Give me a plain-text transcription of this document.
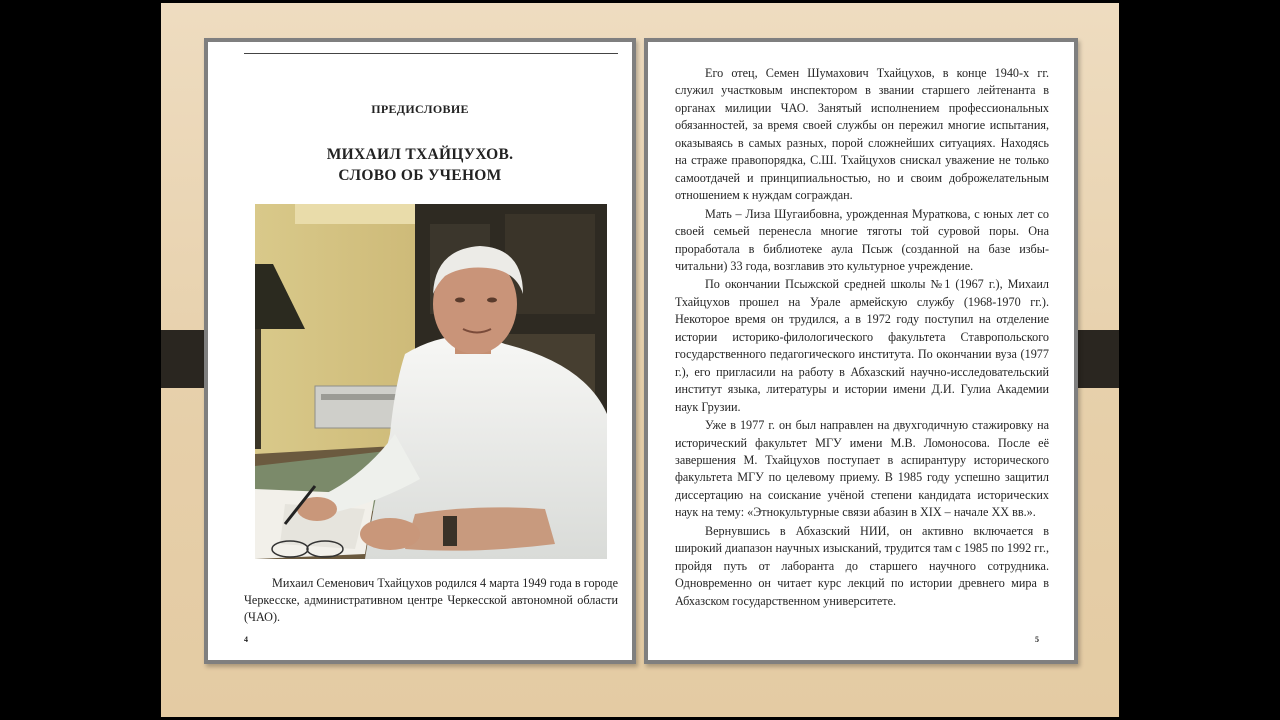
ПРЕДИСЛОВИЕ
МИХАИЛ ТХАЙЦУХОВ.
СЛОВО ОБ УЧЕНОМ

Михаил Семенович Тхайцухов родился 4 марта 1949 года в городе Черкесске, административном центре Черкесской автономной области (ЧАО).

4

Его отец, Семен Шумахович Тхайцухов, в конце 1940-х гг. служил участковым инспектором в звании старшего лейтенанта в органах милиции ЧАО. Занятый исполнением профессиональных обязанностей, за время своей службы он пережил многие испытания, оказываясь в самых разных, порой сложнейших ситуациях. Находясь на страже правопорядка, С.Ш. Тхайцухов снискал уважение не только самоотдачей и принципиальностью, но и своим доброжелательным отношением к нуждам сограждан.

Мать – Лиза Шугаибовна, урожденная Мураткова, с юных лет со своей семьей перенесла многие тяготы той суровой поры. Она проработала в библиотеке аула Псыж (созданной на базе избы-читальни) 33 года, возглавив это культурное учреждение.

По окончании Псыжской средней школы №1 (1967 г.), Михаил Тхайцухов прошел на Урале армейскую службу (1968-1970 гг.). Некоторое время он трудился, а в 1972 году поступил на отделение истории историко-филологического факультета Ставропольского государственного педагогического института. По окончании вуза (1977 г.), его пригласили на работу в Абхазский научно-исследовательский институт языка, литературы и истории имени Д.И. Гулиа Академии наук Грузии.

Уже в 1977 г. он был направлен на двухгодичную стажировку на исторический факультет МГУ имени М.В. Ломоносова. После её завершения М. Тхайцухов поступает в аспирантуру исторического факультета МГУ по целевому приему. В 1985 году успешно защитил диссертацию на соискание учёной степени кандидата исторических наук на тему: «Этнокультурные связи абазин в XIX – начале XX вв.».

Вернувшись в Абхазский НИИ, он активно включается в широкий диапазон научных изысканий, трудится там с 1985 по 1992 гг., пройдя путь от лаборанта до старшего научного сотрудника. Одновременно он читает курс лекций по истории древнего мира в Абхазском государственном университете.

5
